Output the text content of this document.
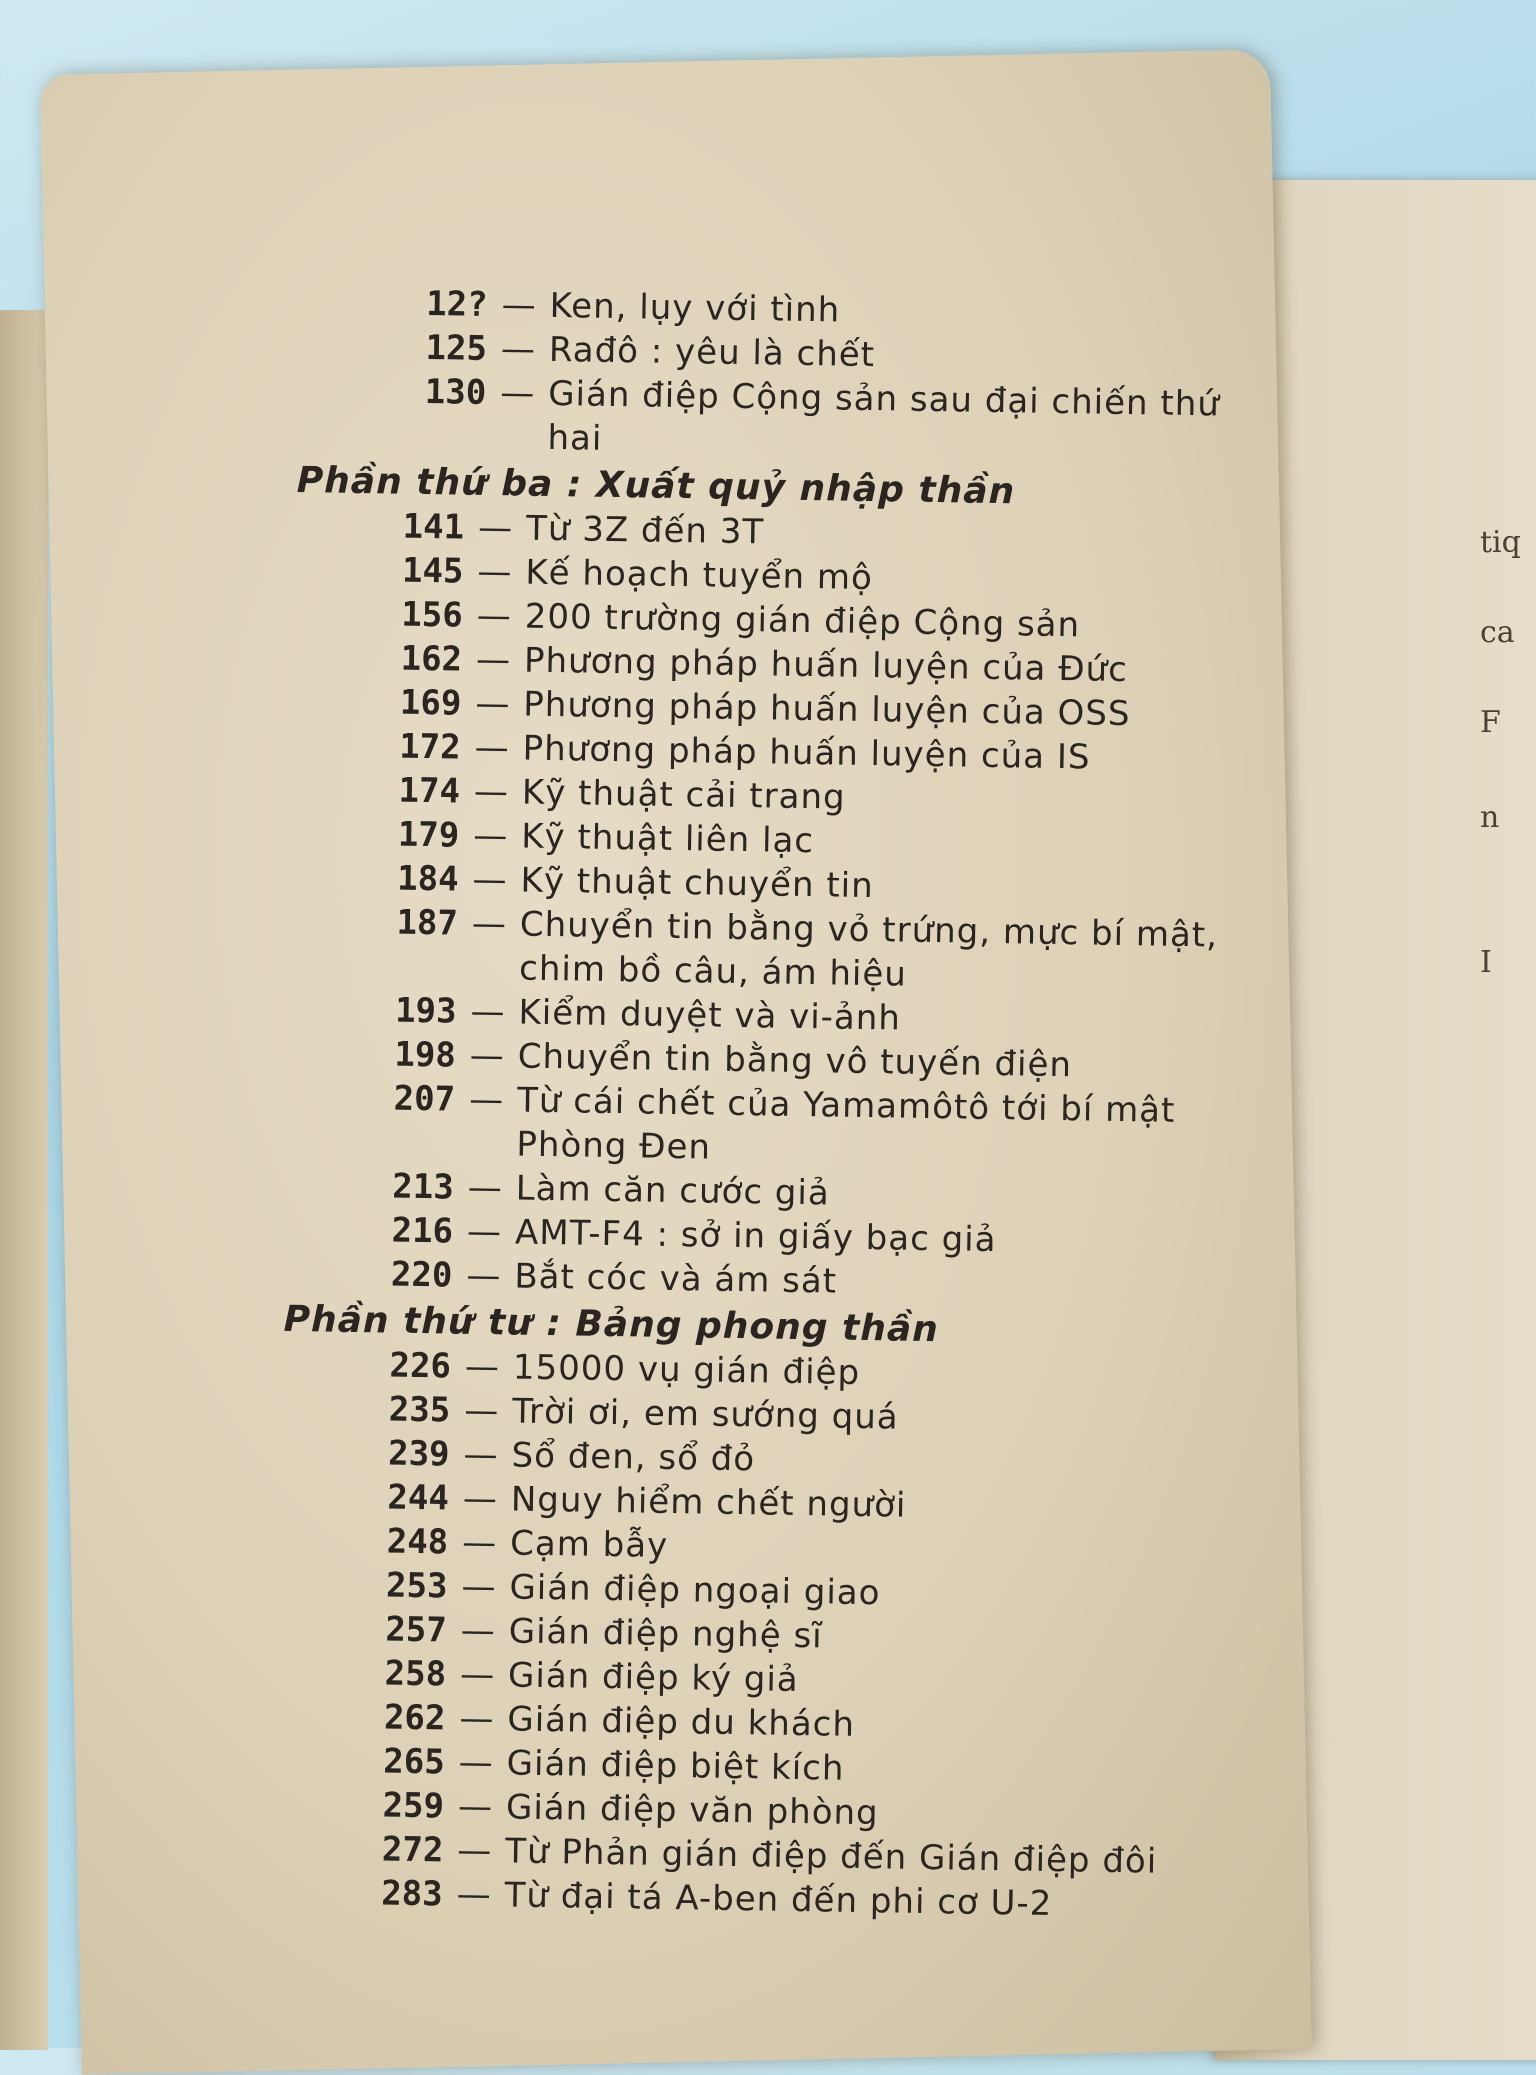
tiq
ca
F
n
I
12? — Ken, lụy với tình
125 — Rađô : yêu là chết
130 — Gián điệp Cộng sản sau đại chiến thứ hai
Phần thứ ba : Xuất quỷ nhập thần
141 — Từ 3Z đến 3T
145 — Kế hoạch tuyển mộ
156 — 200 trường gián điệp Cộng sản
162 — Phương pháp huấn luyện của Đức
169 — Phương pháp huấn luyện của OSS
172 — Phương pháp huấn luyện của IS
174 — Kỹ thuật cải trang
179 — Kỹ thuật liên lạc
184 — Kỹ thuật chuyển tin
187 — Chuyển tin bằng vỏ trứng, mực bí mật, chim bồ câu, ám hiệu
193 — Kiểm duyệt và vi-ảnh
198 — Chuyển tin bằng vô tuyến điện
207 — Từ cái chết của Yamamôtô tới bí mật Phòng Đen
213 — Làm căn cước giả
216 — AMT-F4 : sở in giấy bạc giả
220 — Bắt cóc và ám sát
Phần thứ tư : Bảng phong thần
226 — 15000 vụ gián điệp
235 — Trời ơi, em sướng quá
239 — Sổ đen, sổ đỏ
244 — Nguy hiểm chết người
248 — Cạm bẫy
253 — Gián điệp ngoại giao
257 — Gián điệp nghệ sĩ
258 — Gián điệp ký giả
262 — Gián điệp du khách
265 — Gián điệp biệt kích
259 — Gián điệp văn phòng
272 — Từ Phản gián điệp đến Gián điệp đôi
283 — Từ đại tá A-ben đến phi cơ U-2
